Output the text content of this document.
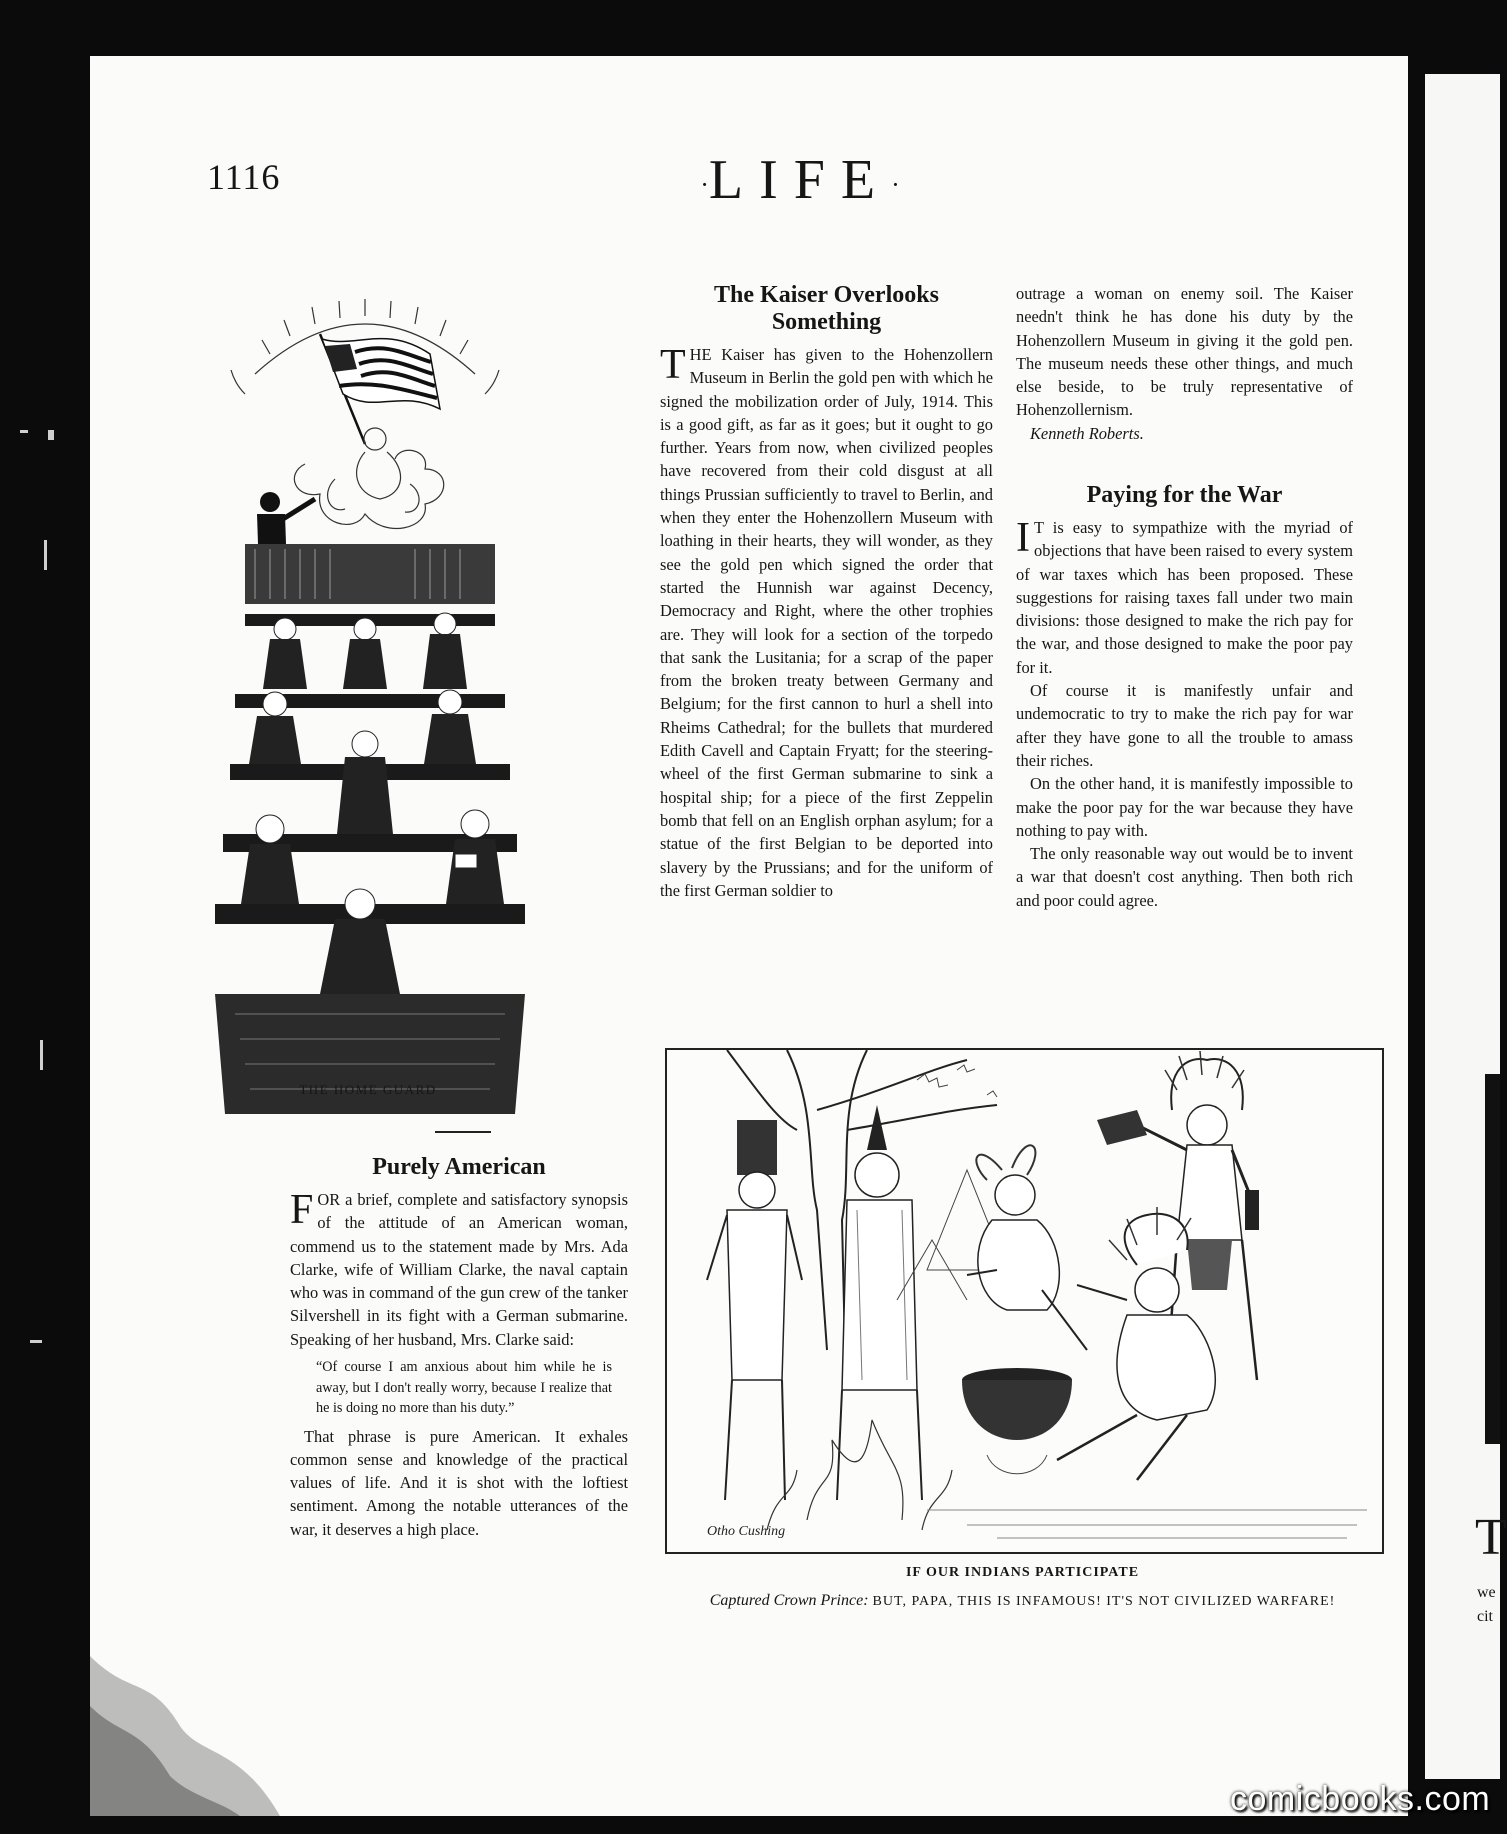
THE HOME GUARD
Purely American

FOR a brief, complete and satisfactory synopsis of the attitude of an American woman, commend us to the statement made by Mrs. Ada Clarke, wife of William Clarke, the naval captain who was in command of the gun crew of the tanker Silvershell in its fight with a German submarine. Speaking of her husband, Mrs. Clarke said:

“Of course I am anxious about him while he is away, but I don't really worry, because I realize that he is doing no more than his duty.”

That phrase is pure American. It exhales common sense and knowledge of the practical values of life. And it is shot with the loftiest sentiment. Among the notable utterances of the war, it deserves a high place.

1116	·LIFE·
The Kaiser Overlooks Something

THE Kaiser has given to the Hohenzollern Museum in Berlin the gold pen with which he signed the mobilization order of July, 1914. This is a good gift, as far as it goes; but it ought to go further. Years from now, when civilized peoples have recovered from their cold disgust at all things Prussian sufficiently to travel to Berlin, and when they enter the Hohenzollern Museum with loathing in their hearts, they will wonder, as they see the gold pen which signed the order that started the Hunnish war against Decency, Democracy and Right, where the other trophies are. They will look for a section of the torpedo that sank the Lusitania; for a scrap of the paper from the broken treaty between Germany and Belgium; for the first cannon to hurl a shell into Rheims Cathedral; for the bullets that murdered Edith Cavell and Captain Fryatt; for the steering-wheel of the first German submarine to sink a hospital ship; for a piece of the first Zeppelin bomb that fell on an English orphan asylum; for a statue of the first Belgian to be deported into slavery by the Prussians; and for the uniform of the first German soldier to

outrage a woman on enemy soil. The Kaiser needn't think he has done his duty by the Hohenzollern Museum in giving it the gold pen. The museum needs these other things, and much else beside, to be truly representative of Hohenzollernism.

Kenneth Roberts.

Paying for the War

I T is easy to sympathize with the myriad of objections that have been raised to every system of war taxes which has been proposed. These suggestions for raising taxes fall under two main divisions: those designed to make the rich pay for the war, and those designed to make the poor pay for it.

Of course it is manifestly unfair and undemocratic to try to make the rich pay for war after they have gone to all the trouble to amass their riches.

On the other hand, it is manifestly impossible to make the poor pay for the war because they have nothing to pay with.

The only reasonable way out would be to invent a war that doesn't cost anything. Then both rich and poor could agree.

Otho Cushing
IF OUR INDIANS PARTICIPATE
Captured Crown Prince: BUT, PAPA, THIS IS INFAMOUS! IT'S NOT CIVILIZED WARFARE!
T
we
cit
comicbooks.com
